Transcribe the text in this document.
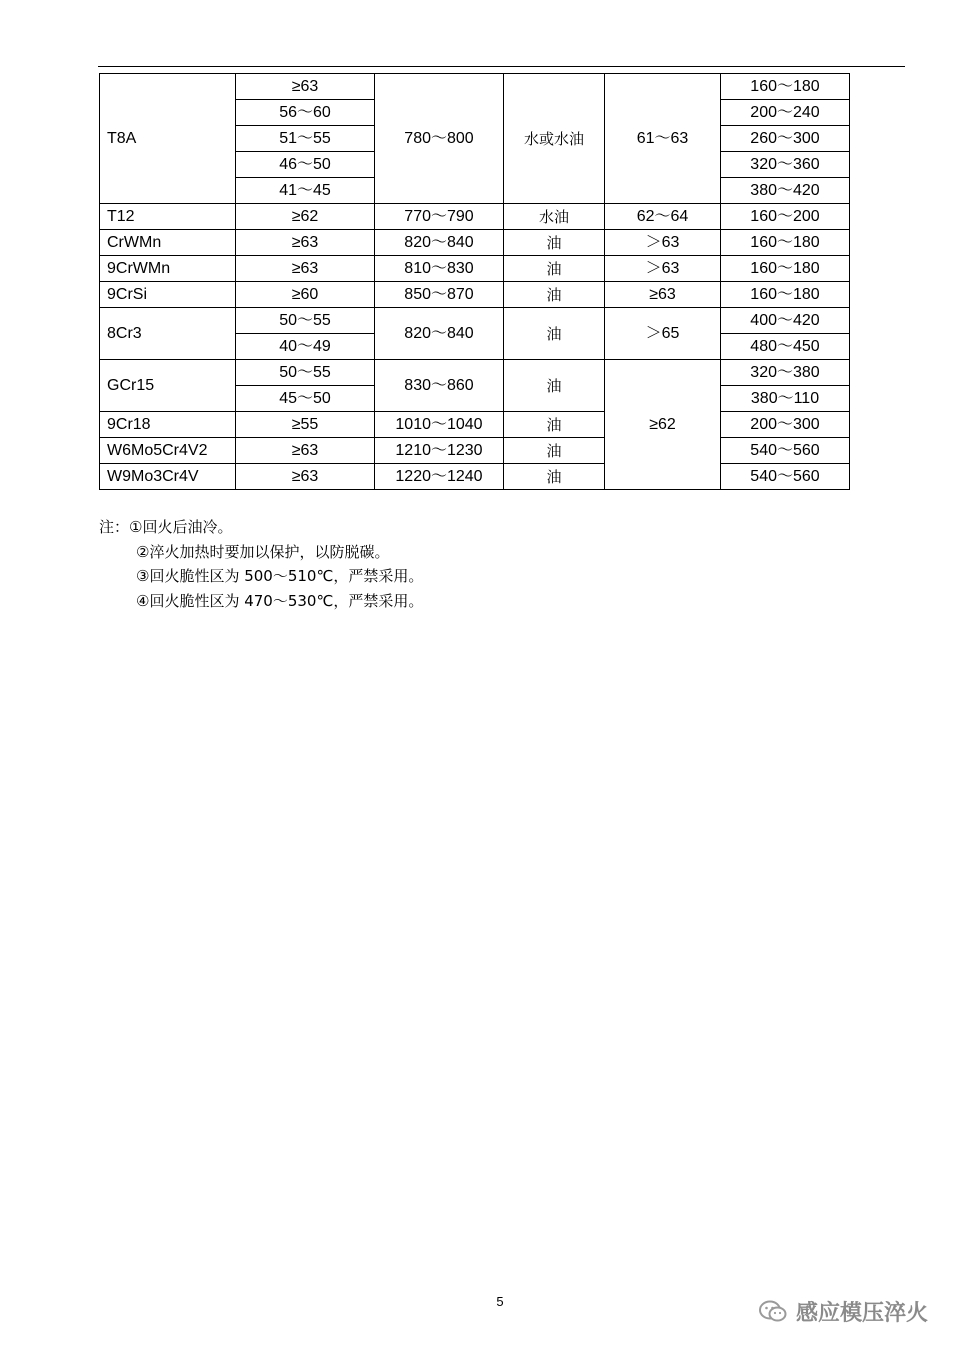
T8A	≥63	780～800	水或水油	61～63	160～180
	56～60				200～240
	51～55				260～300
	46～50				320～360
	41～45				380～420
T12	≥62	770～790	水油	62～64	160～200
CrWMn	≥63	820～840	油	＞63	160～180
9CrWMn	≥63	810～830	油	＞63	160～180
9CrSi	≥60	850～870	油	≥63	160～180
8Cr3	50～55	820～840	油	＞65	400～420
	40～49				480～450
GCr15	50～55	830～860	油	≥62	320～380
	45～50				380～110
9Cr18	≥55	1010～1040	油		200～300
W6Mo5Cr4V2	≥63	1210～1230	油		540～560
W9Mo3Cr4V	≥63	1220～1240	油		540～560
注：①回火后油冷。
②淬火加热时要加以保护，以防脱碳。
③回火脆性区为 500～510℃，严禁采用。
④回火脆性区为 470～530℃，严禁采用。
5	感应模压淬火
